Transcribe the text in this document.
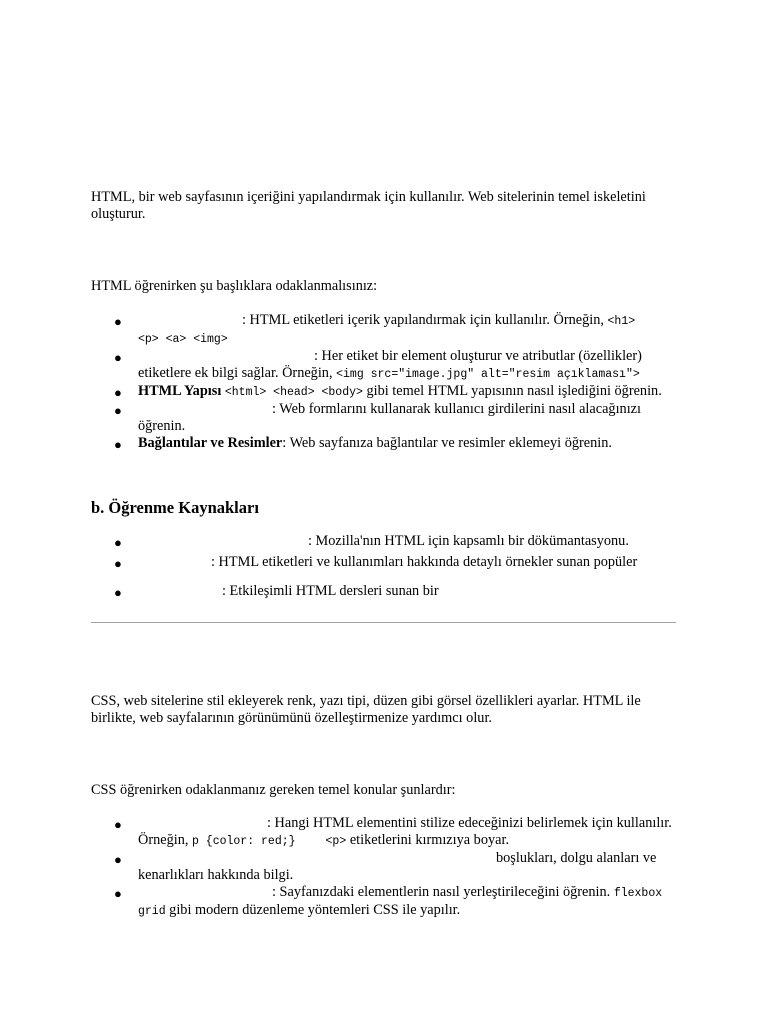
HTML, bir web sayfasının içeriğini yapılandırmak için kullanılır. Web sitelerinin temel iskeletini oluşturur.

HTML öğrenirken şu başlıklara odaklanmalısınız:

●	: HTML etiketleri içerik yapılandırmak için kullanılır. Örneğin, <h1>
<p> <a> <img>
●	: Her etiket bir element oluşturur ve atributlar (özellikler) etiketlere ek bilgi sağlar. Örneğin, <img src="image.jpg" alt="resim açıklaması">
● HTML Yapısı <html> <head> <body> gibi temel HTML yapısının nasıl işlediğini öğrenin.
●	: Web formlarını kullanarak kullanıcı girdilerini nasıl alacağınızı öğrenin.
● Bağlantılar ve Resimler: Web sayfanıza bağlantılar ve resimler eklemeyi öğrenin.
b. Öğrenme Kaynakları
●	: Mozilla'nın HTML için kapsamlı bir dökümantasyonu.
●	: HTML etiketleri ve kullanımları hakkında detaylı örnekler sunan popüler
●	: Etkileşimli HTML dersleri sunan bir

CSS, web sitelerine stil ekleyerek renk, yazı tipi, düzen gibi görsel özellikleri ayarlar. HTML ile birlikte, web sayfalarının görünümünü özelleştirmenize yardımcı olur.

CSS öğrenirken odaklanmanız gereken temel konular şunlardır:

●	: Hangi HTML elementini stilize edeceğinizi belirlemek için kullanılır. Örneğin, p {color: red;}	<p> etiketlerini kırmızıya boyar.
●	boşlukları, dolgu alanları ve kenarlıkları hakkında bilgi.
●	: Sayfanızdaki elementlerin nasıl yerleştirileceğini öğrenin. flexbox grid gibi modern düzenleme yöntemleri CSS ile yapılır.
